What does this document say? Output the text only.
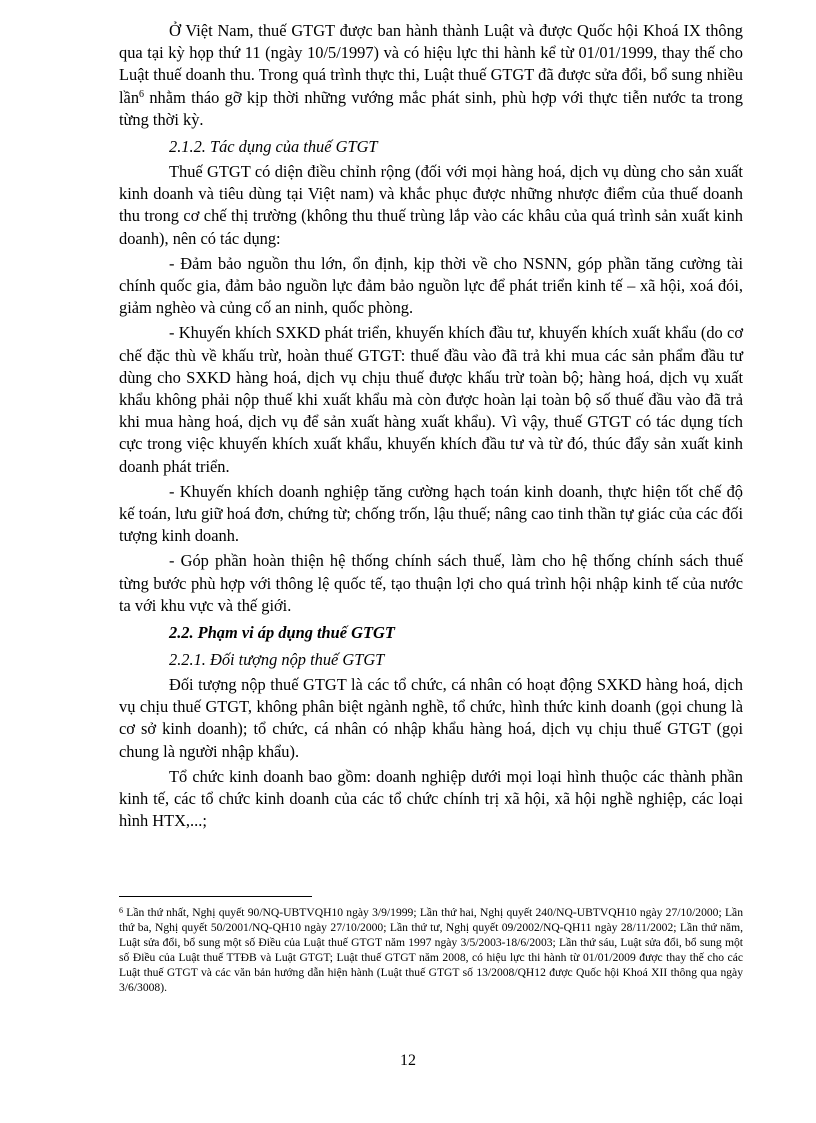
Ở Việt Nam, thuế GTGT được ban hành thành Luật và được Quốc hội Khoá IX thông qua tại kỳ họp thứ 11 (ngày 10/5/1997) và có hiệu lực thi hành kể từ 01/01/1999, thay thế cho Luật thuế doanh thu. Trong quá trình thực thi, Luật thuế GTGT đã được sửa đổi, bổ sung nhiều lần$^6$ nhằm tháo gỡ kịp thời những vướng mắc phát sinh, phù hợp với thực tiễn nước ta trong từng thời kỳ.

2.1.2. Tác dụng của thuế GTGT

Thuế GTGT có diện điều chỉnh rộng (đối với mọi hàng hoá, dịch vụ dùng cho sản xuất kinh doanh và tiêu dùng tại Việt nam) và khắc phục được những nhược điểm của thuế doanh thu trong cơ chế thị trường (không thu thuế trùng lắp vào các khâu của quá trình sản xuất kinh doanh), nên có tác dụng:

- Đảm bảo nguồn thu lớn, ổn định, kịp thời về cho NSNN, góp phần tăng cường tài chính quốc gia, đảm bảo nguồn lực đảm bảo nguồn lực để phát triển kinh tế – xã hội, xoá đói, giảm nghèo và củng cố an ninh, quốc phòng.

- Khuyến khích SXKD phát triển, khuyến khích đầu tư, khuyến khích xuất khẩu (do cơ chế đặc thù về khấu trừ, hoàn thuế GTGT: thuế đầu vào đã trả khi mua các sản phẩm đầu tư dùng cho SXKD hàng hoá, dịch vụ chịu thuế được khấu trừ toàn bộ; hàng hoá, dịch vụ xuất khẩu không phải nộp thuế khi xuất khẩu mà còn được hoàn lại toàn bộ số thuế đầu vào đã trả khi mua hàng hoá, dịch vụ để sản xuất hàng xuất khẩu). Vì vậy, thuế GTGT có tác dụng tích cực trong việc khuyến khích xuất khẩu, khuyến khích đầu tư và từ đó, thúc đẩy sản xuất kinh doanh phát triển.

- Khuyến khích doanh nghiệp tăng cường hạch toán kinh doanh, thực hiện tốt chế độ kế toán, lưu giữ hoá đơn, chứng từ; chống trốn, lậu thuế; nâng cao tinh thần tự giác của các đối tượng kinh doanh.

- Góp phần hoàn thiện hệ thống chính sách thuế, làm cho hệ thống chính sách thuế từng bước phù hợp với thông lệ quốc tế, tạo thuận lợi cho quá trình hội nhập kinh tế của nước ta với khu vực và thế giới.

2.2. Phạm vi áp dụng thuế GTGT
2.2.1. Đối tượng nộp thuế GTGT

Đối tượng nộp thuế GTGT là các tổ chức, cá nhân có hoạt động SXKD hàng hoá, dịch vụ chịu thuế GTGT, không phân biệt ngành nghề, tổ chức, hình thức kinh doanh (gọi chung là cơ sở kinh doanh); tổ chức, cá nhân có nhập khẩu hàng hoá, dịch vụ chịu thuế GTGT (gọi chung là người nhập khẩu).

Tổ chức kinh doanh bao gồm: doanh nghiệp dưới mọi loại hình thuộc các thành phần kinh tế, các tổ chức kinh doanh của các tổ chức chính trị xã hội, xã hội nghề nghiệp, các loại hình HTX,...;

$^6$ Lần thứ nhất, Nghị quyết 90/NQ-UBTVQH10 ngày 3/9/1999; Lần thứ hai, Nghị quyết 240/NQ-UBTVQH10 ngày 27/10/2000; Lần thứ ba, Nghị quyết 50/2001/NQ-QH10 ngày 27/10/2000; Lần thứ tư, Nghị quyết 09/2002/NQ-QH11 ngày 28/11/2002; Lần thứ năm, Luật sửa đổi, bổ sung một số Điều của Luật thuế GTGT năm 1997 ngày 3/5/2003-18/6/2003; Lần thứ sáu, Luật sửa đổi, bổ sung một số Điều của Luật thuế TTĐB và Luật GTGT; Luật thuế GTGT năm 2008, có hiệu lực thi hành từ 01/01/2009 được thay thế cho các Luật thuế GTGT và các văn bản hướng dẫn hiện hành (Luật thuế GTGT số 13/2008/QH12 được Quốc hội Khoá XII thông qua ngày 3/6/3008).
12
